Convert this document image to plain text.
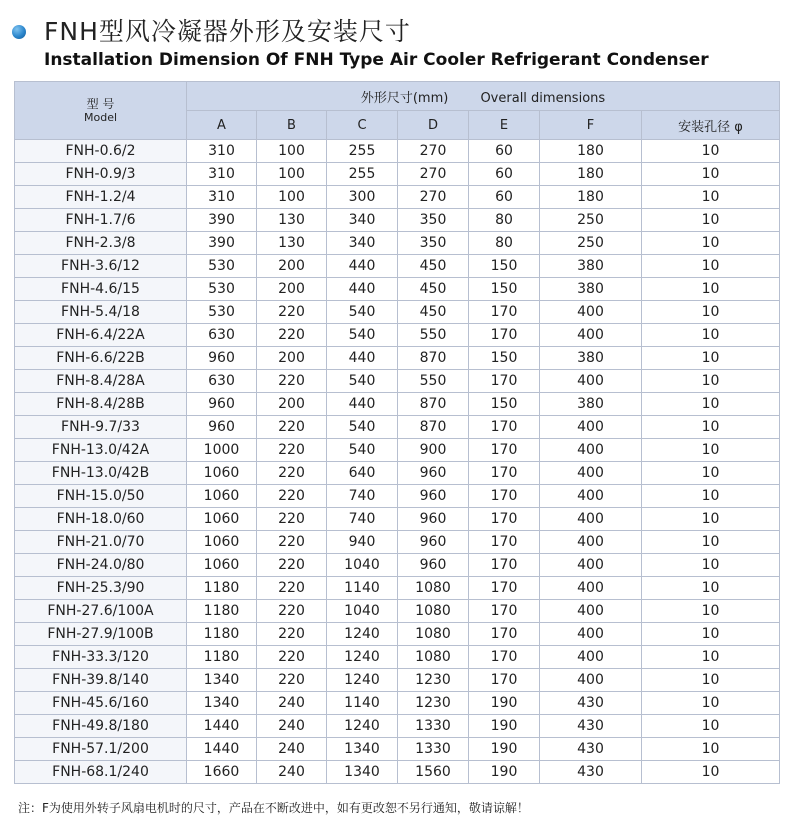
FNH型风冷凝器外形及安装尺寸
Installation Dimension Of FNH Type Air Cooler Refrigerant Condenser
型 号
Model	外形尺寸(mm) Overall dimensions						
	A	B	C	D	E	F	安装孔径 φ
FNH-0.6/2	310	100	255	270	60	180	10
FNH-0.9/3	310	100	255	270	60	180	10
FNH-1.2/4	310	100	300	270	60	180	10
FNH-1.7/6	390	130	340	350	80	250	10
FNH-2.3/8	390	130	340	350	80	250	10
FNH-3.6/12	530	200	440	450	150	380	10
FNH-4.6/15	530	200	440	450	150	380	10
FNH-5.4/18	530	220	540	450	170	400	10
FNH-6.4/22A	630	220	540	550	170	400	10
FNH-6.6/22B	960	200	440	870	150	380	10
FNH-8.4/28A	630	220	540	550	170	400	10
FNH-8.4/28B	960	200	440	870	150	380	10
FNH-9.7/33	960	220	540	870	170	400	10
FNH-13.0/42A	1000	220	540	900	170	400	10
FNH-13.0/42B	1060	220	640	960	170	400	10
FNH-15.0/50	1060	220	740	960	170	400	10
FNH-18.0/60	1060	220	740	960	170	400	10
FNH-21.0/70	1060	220	940	960	170	400	10
FNH-24.0/80	1060	220	1040	960	170	400	10
FNH-25.3/90	1180	220	1140	1080	170	400	10
FNH-27.6/100A	1180	220	1040	1080	170	400	10
FNH-27.9/100B	1180	220	1240	1080	170	400	10
FNH-33.3/120	1180	220	1240	1080	170	400	10
FNH-39.8/140	1340	220	1240	1230	170	400	10
FNH-45.6/160	1340	240	1140	1230	190	430	10
FNH-49.8/180	1440	240	1240	1330	190	430	10
FNH-57.1/200	1440	240	1340	1330	190	430	10
FNH-68.1/240	1660	240	1340	1560	190	430	10
注：F为使用外转子风扇电机时的尺寸，产品在不断改进中，如有更改恕不另行通知，敬请谅解！
